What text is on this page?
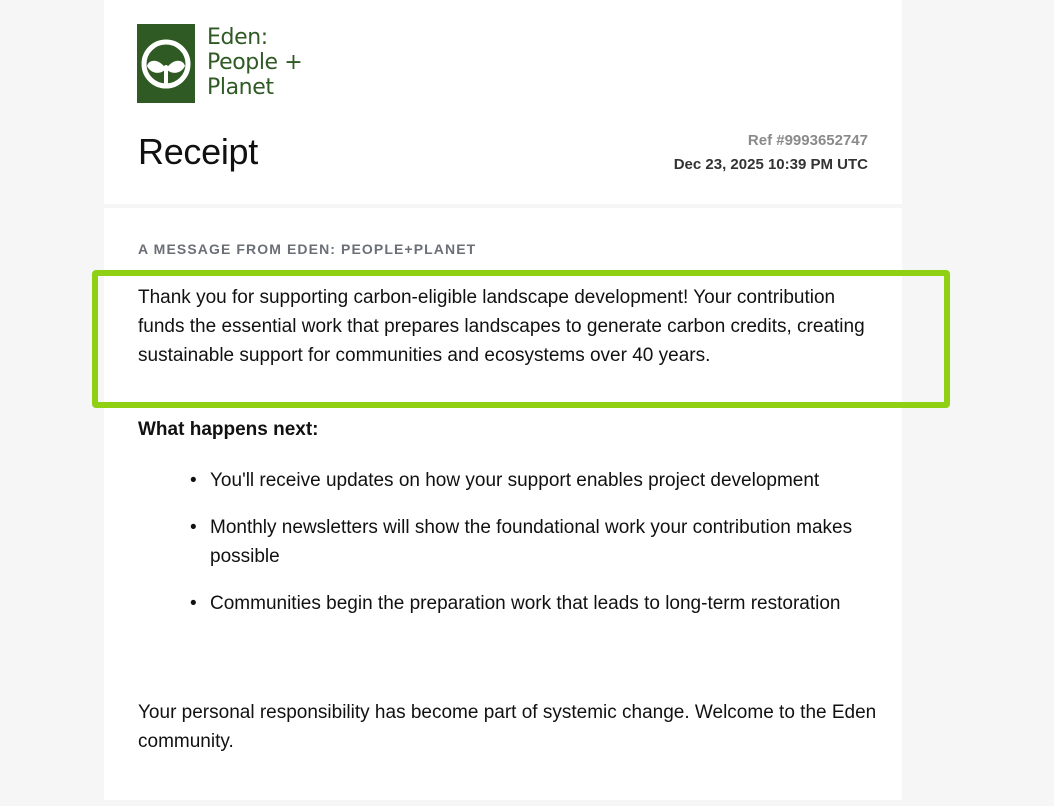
Eden:
People +
Planet
Receipt	Ref #9993652747
Dec 23, 2025 10:39 PM UTC
A MESSAGE FROM EDEN: PEOPLE+PLANET

Thank you for supporting carbon-eligible landscape development! Your contribution funds the essential work that prepares landscapes to generate carbon credits, creating sustainable support for communities and ecosystems over 40 years.

What happens next:
• You'll receive updates on how your support enables project development
• Monthly newsletters will show the foundational work your contribution makes possible
• Communities begin the preparation work that leads to long-term restoration

Your personal responsibility has become part of systemic change. Welcome to the Eden community.
